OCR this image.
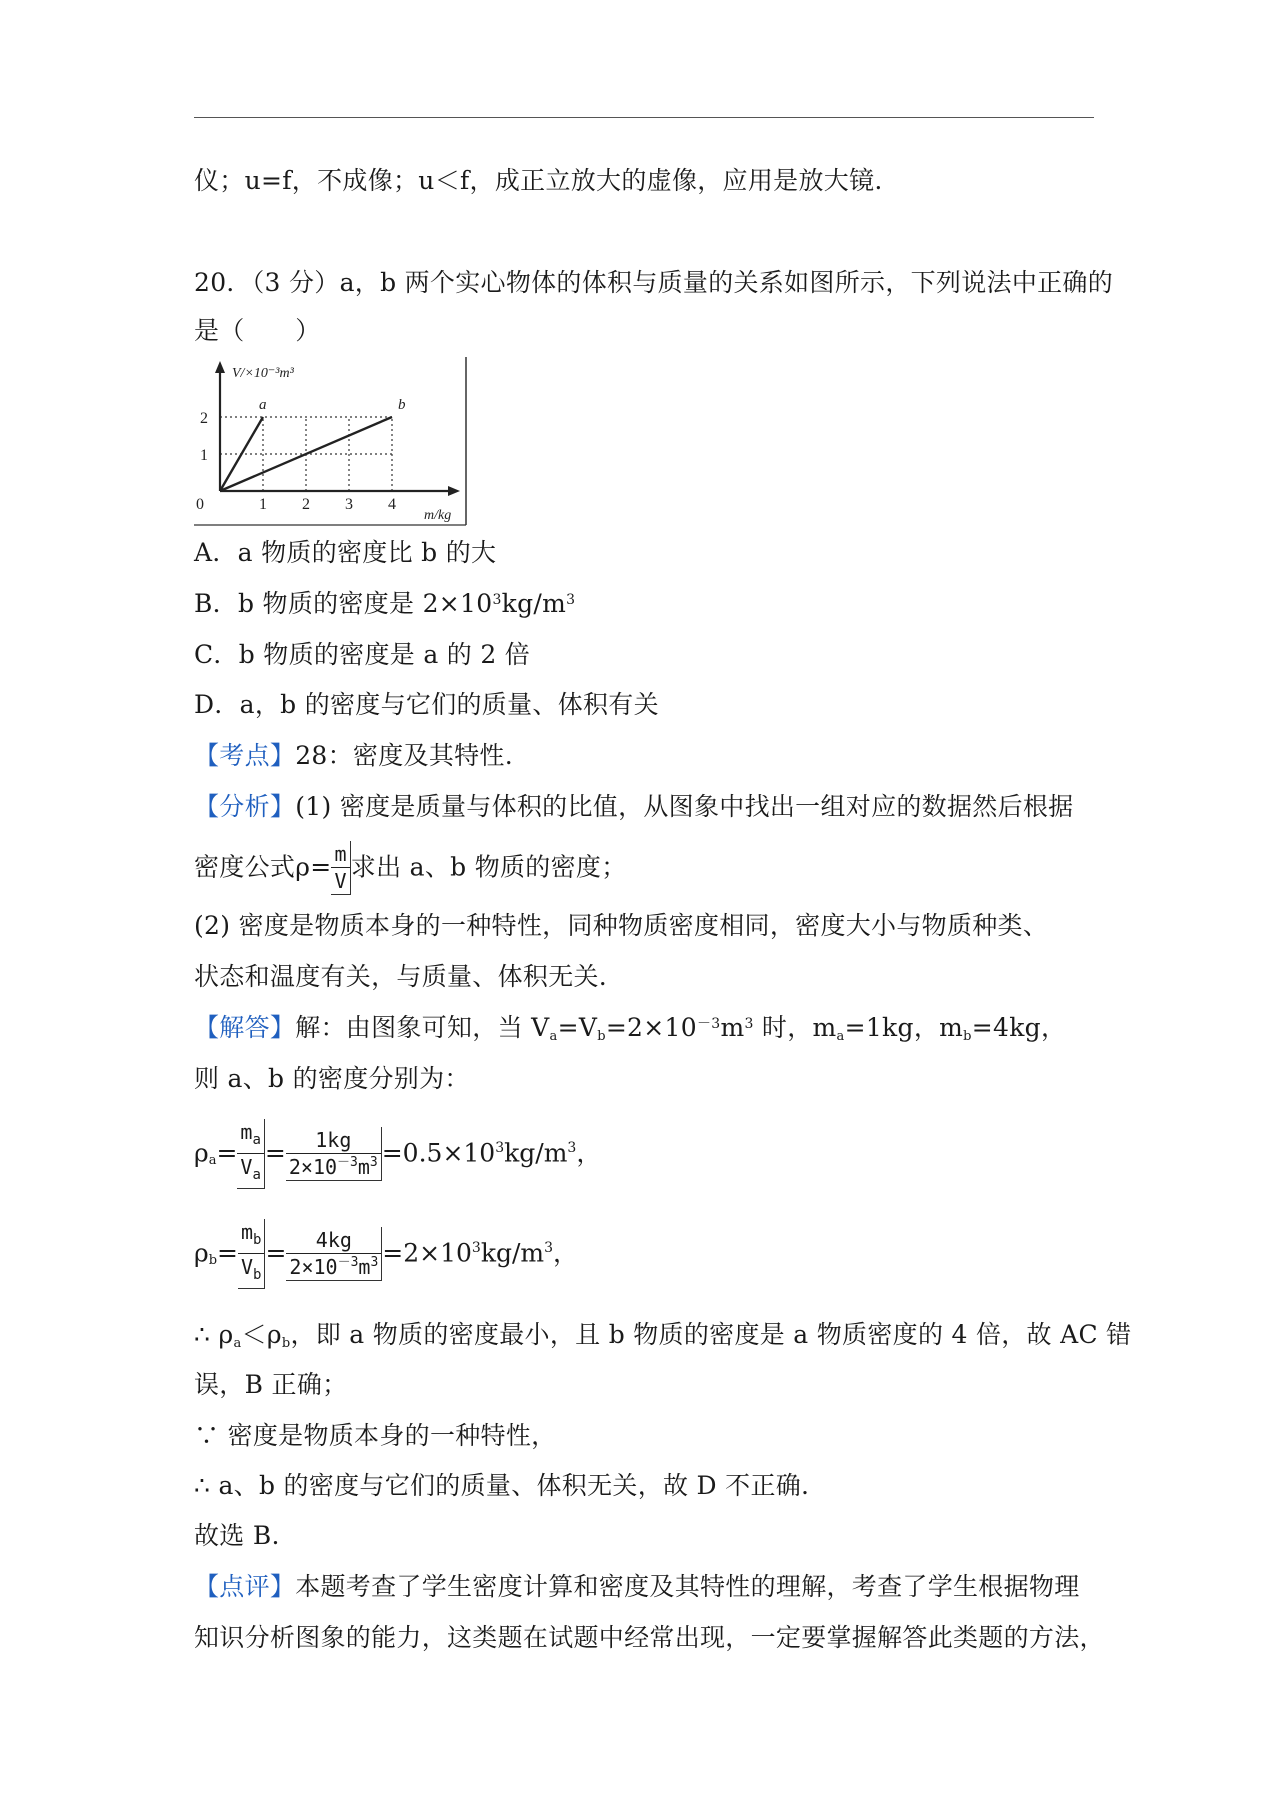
仪；u=f，不成像；u＜f，成正立放大的虚像，应用是放大镜.
20．（3 分）a，b 两个实心物体的体积与质量的关系如图所示，下列说法中正确的
是（　　）
a	b
0	1 2 3 4
1
2
V/×10⁻³m³
m/kg
A．a 物质的密度比 b 的大
B．b 物质的密度是 $2\times 10^3kg/m^3$
C．b 物质的密度是 a 的 2 倍
D．a，b 的密度与它们的质量、体积有关
【考点】28：密度及其特性.
【分析】(1) 密度是质量与体积的比值，从图象中找出一组对应的数据然后根据
密度公式$\rho= \frac{m}{V}$ 求出 a、b 物质的密度；
(2) 密度是物质本身的一种特性，同种物质密度相同，密度大小与物质种类、
状态和温度有关，与质量、体积无关.
【解答】解：由图象可知，当 $V_a=V_b=2\times 10^{-3}m^3$ 时，$m_a=1kg$，$m_b=4kg$，
则 a、b 的密度分别为：
$\rho_a= \frac{m_a}{V_a} = \frac{1kg}{2\times 10^{-3}m^3} =0.5\times 10^3kg/m^3$，
$\rho_b= \frac{m_b}{V_b} = \frac{4kg}{2\times 10^{-3}m^3} =2\times 10^3kg/m^3$，
∴ $\rho_a<\rho_b$，即 a 物质的密度最小，且 b 物质的密度是 a 物质密度的 4 倍，故 AC 错
误，B 正确；
∵ 密度是物质本身的一种特性，
∴ a、b 的密度与它们的质量、体积无关，故 D 不正确.
故选 B.
【点评】本题考查了学生密度计算和密度及其特性的理解，考查了学生根据物理
知识分析图象的能力，这类题在试题中经常出现，一定要掌握解答此类题的方法，
